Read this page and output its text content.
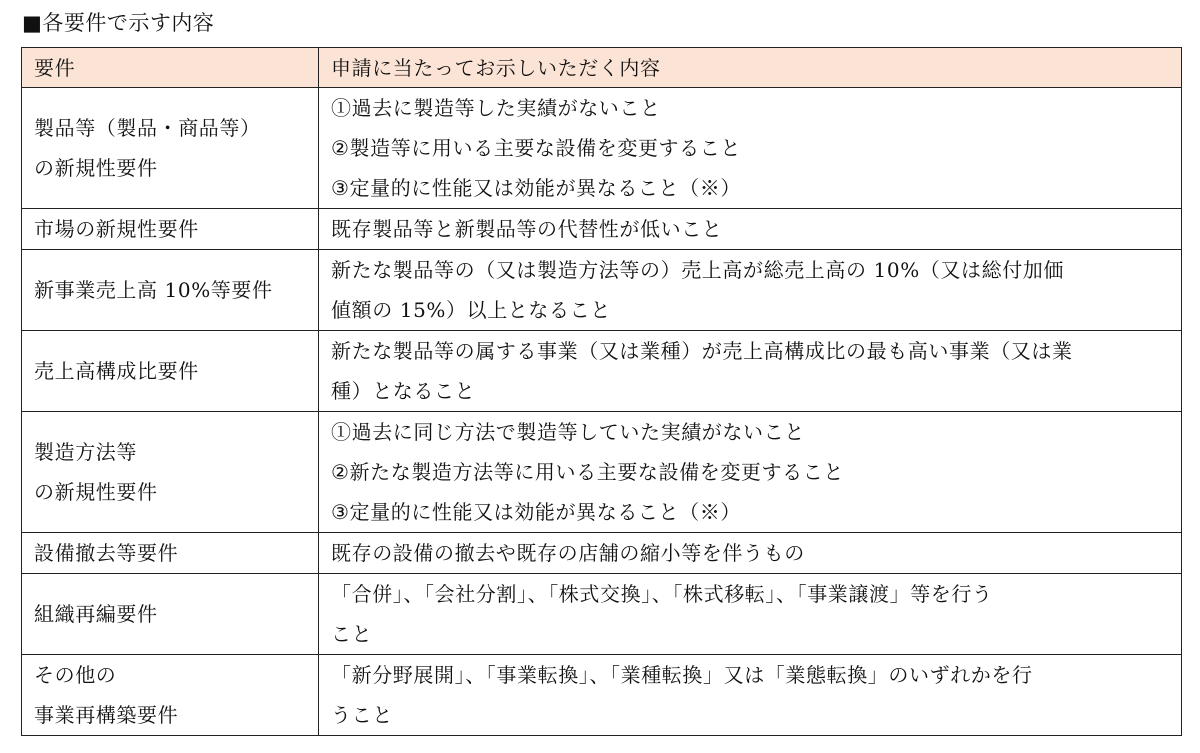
■各要件で示す内容
要件	申請に当たってお示しいただく内容

製品等（製品・商品等）
の新規性要件	①過去に製造等した実績がないこと
②製造等に用いる主要な設備を変更すること
③定量的に性能又は効能が異なること（※）

市場の新規性要件	既存製品等と新製品等の代替性が低いこと

新事業売上高 10%等要件	新たな製品等の（又は製造方法等の）売上高が総売上高の 10%（又は総付加価
値額の 15%）以上となること

売上高構成比要件	新たな製品等の属する事業（又は業種）が売上高構成比の最も高い事業（又は業
種）となること

製造方法等
の新規性要件	①過去に同じ方法で製造等していた実績がないこと
②新たな製造方法等に用いる主要な設備を変更すること
③定量的に性能又は効能が異なること（※）

設備撤去等要件	既存の設備の撤去や既存の店舗の縮小等を伴うもの

組織再編要件	「合併」、「会社分割」、「株式交換」、「株式移転」、「事業譲渡」等を行う
こと

その他の
事業再構築要件	「新分野展開」、「事業転換」、「業種転換」又は「業態転換」のいずれかを行
うこと
